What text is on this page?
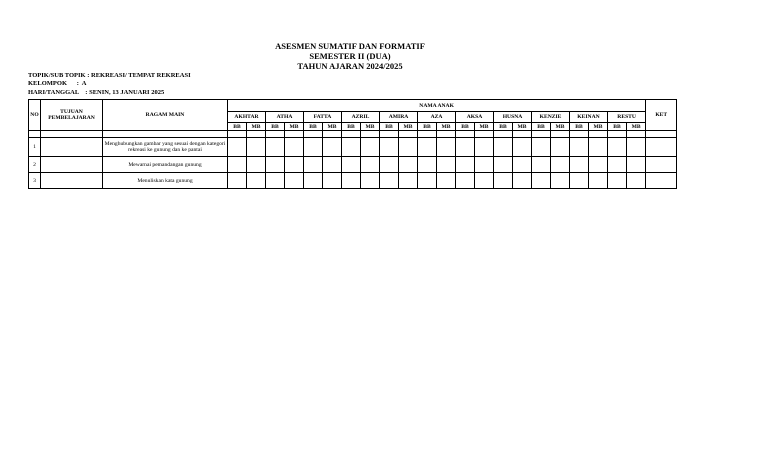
ASESMEN SUMATIF DAN FORMATIF
SEMESTER II (DUA)
TAHUN AJARAN 2024/2025
TOPIK/SUB TOPIK : REKREASI/ TEMPAT REKREASI
KELOMPOK      :  A
HARI/TANGGAL    : SENIN, 13 JANUARI 2025
NO	TUJUAN PEMBELAJARAN	RAGAM MAIN	NAMA ANAK																						KET
			AKHTAR		ATHA		FATTA		AZRIL		AMIRA		AZA		AKSA		HUSNA		KENZIE		KEINAN		RESTU		
			BB	MB	BB	MB	BB	MB	BB	MB	BB	MB	BB	MB	BB	MB	BB	MB	BB	MB	BB	MB	BB	MB	

1		Menghubungkan gambar yang sesuai dengan kategori rekreasi ke gunung dan ke pantai																							
2		Mewarnai pemandangan gunung																							
3		Menuliskan kata gunung																							
